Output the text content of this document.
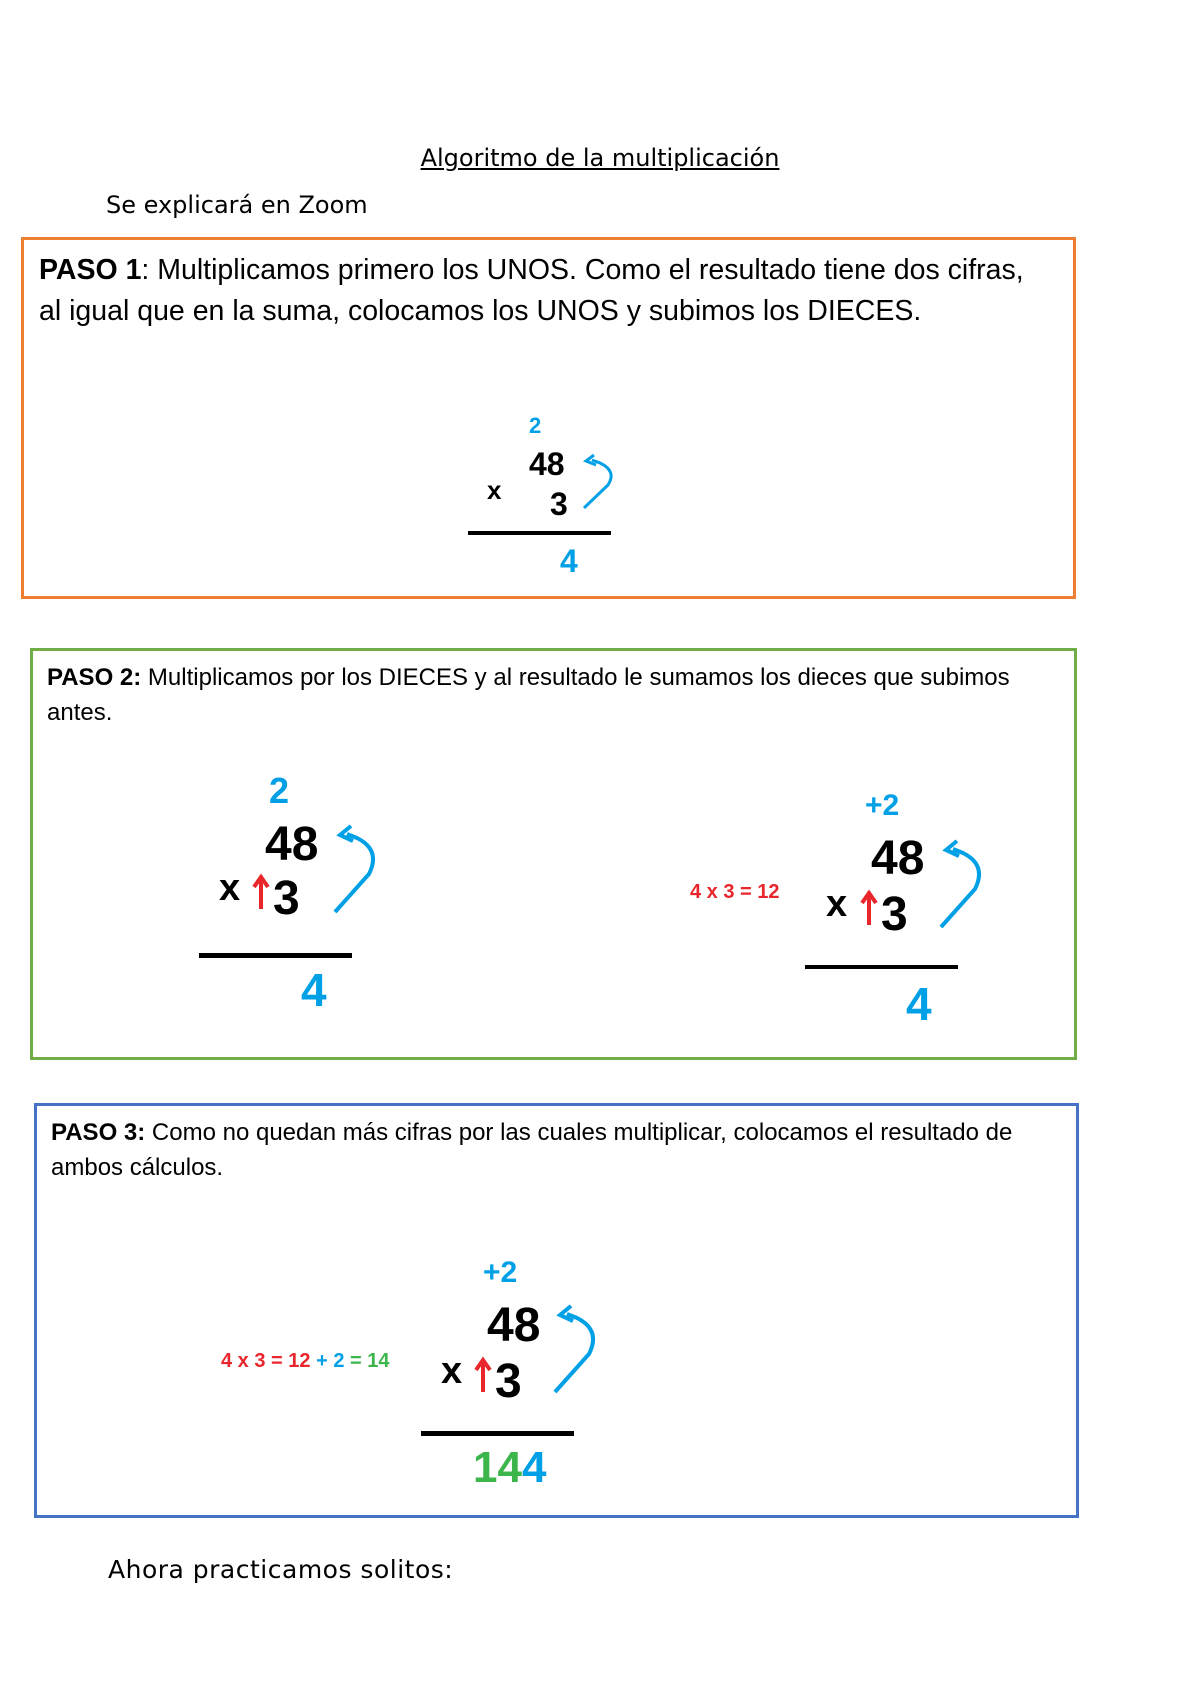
Algoritmo de la multiplicación
Se explicará en Zoom
PASO 1: Multiplicamos primero los UNOS. Como el resultado tiene dos cifras, al igual que en la suma, colocamos los UNOS y subimos los DIECES.
2
48
x 3
4
PASO 2: Multiplicamos por los DIECES y al resultado le sumamos los dieces que subimos antes.
2
48
x 3
4
4 x 3 = 12
+2
48
x 3
4
PASO 3: Como no quedan más cifras por las cuales multiplicar, colocamos el resultado de ambos cálculos.
4 x 3 = 12 + 2 = 14
+2
48
x 3
144
Ahora practicamos solitos:
